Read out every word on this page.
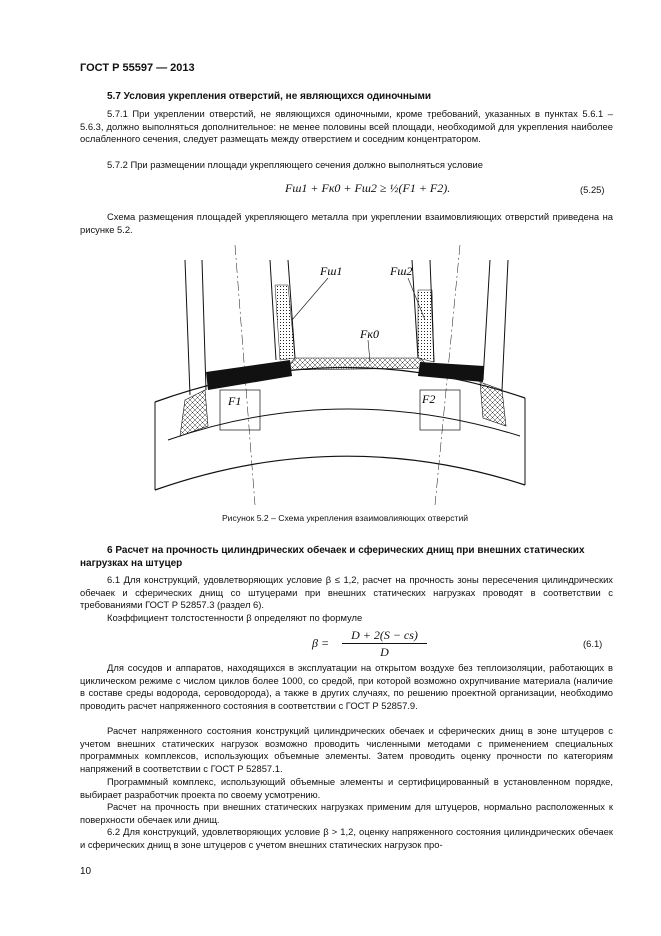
ГОСТ Р 55597 — 2013
5.7 Условия укрепления отверстий, не являющихся одиночными
5.7.1 При укреплении отверстий, не являющихся одиночными, кроме требований, указанных в пунктах 5.6.1 – 5.6.3, должно выполняться дополнительное: не менее половины всей площади, необходимой для укрепления наиболее ослабленного сечения, следует размещать между отверстием и соседним концентратором.
5.7.2 При размещении площади укрепляющего сечения должно выполняться условие
Fш1 + Fк0 + Fш2 ≥ ½(F1 + F2).	(5.25)
Схема размещения площадей укрепляющего металла при укреплении взаимовлияющих отверстий приведена на рисунке 5.2.
Fш1	Fш2
Fк0
F1	F2
Рисунок 5.2 – Схема укрепления взаимовлияющих отверстий
6 Расчет на прочность цилиндрических обечаек и сферических днищ при внешних статических нагрузках на штуцер
6.1 Для конструкций, удовлетворяющих условие β ≤ 1,2, расчет на прочность зоны пересечения цилиндрических обечаек и сферических днищ со штуцерами при внешних статических нагрузках проводят в соответствии с требованиями ГОСТ Р 52857.3 (раздел 6).
Коэффициент толстостенности β определяют по формуле
β =
D + 2(S − cs)
D
(6.1)
Для сосудов и аппаратов, находящихся в эксплуатации на открытом воздухе без теплоизоляции, работающих в циклическом режиме с числом циклов более 1000, со средой, при которой возможно охрупчивание материала (наличие в составе среды водорода, сероводорода), а также в других случаях, по решению проектной организации, необходимо проводить расчет напряженного состояния в соответствии с ГОСТ Р 52857.9.
Расчет напряженного состояния конструкций цилиндрических обечаек и сферических днищ в зоне штуцеров с учетом внешних статических нагрузок возможно проводить численными методами с применением специальных программных комплексов, использующих объемные элементы. Затем проводить оценку прочности по категориям напряжений в соответствии с ГОСТ Р 52857.1.
Программный комплекс, использующий объемные элементы и сертифицированный в установленном порядке, выбирает разработчик проекта по своему усмотрению.
Расчет на прочность при внешних статических нагрузках применим для штуцеров, нормально расположенных к поверхности обечаек или днищ.
6.2 Для конструкций, удовлетворяющих условие β > 1,2, оценку напряженного состояния цилиндрических обечаек и сферических днищ в зоне штуцеров с учетом внешних статических нагрузок про-
10
